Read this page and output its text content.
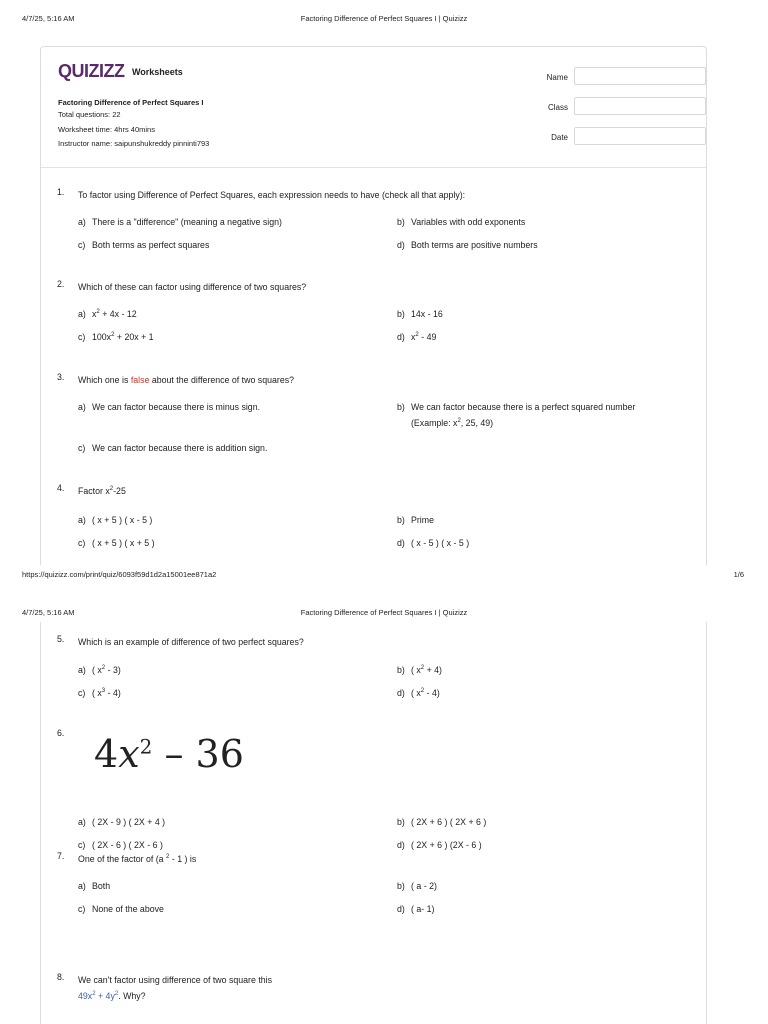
4/7/25, 5:16 AM	Factoring Difference of Perfect Squares I | Quizizz
QUIZIZZ Worksheets
Factoring Difference of Perfect Squares I
Total questions: 22
Worksheet time: 4hrs 40mins
Instructor name: saipunshukreddy pinninti793
Name
Class
Date
1.	To factor using Difference of Perfect Squares, each expression needs to have (check all that apply):
a) There is a "difference" (meaning a negative sign)	b) Variables with odd exponents
c) Both terms as perfect squares	d) Both terms are positive numbers
2.	Which of these can factor using difference of two squares?
a) $x^2 + 4x - 12$	b) 14x - 16
c) $100x^2 + 20x + 1$	d) $x^2 - 49$
3.	Which one is false about the difference of two squares?
a) We can factor because there is minus sign.	b) We can factor because there is a perfect squared number
(Example: $x^2$, 25, 49)
c) We can factor because there is addition sign.
4.	Factor $x^2-25$
a) ( x + 5 ) ( x - 5 )	b) Prime
c) ( x + 5 ) ( x + 5 )	d) ( x - 5 ) ( x - 5 )
https://quizizz.com/print/quiz/6093f59d1d2a15001ee871a2	1/6
4/7/25, 5:16 AM	Factoring Difference of Perfect Squares I | Quizizz
5.	Which is an example of difference of two perfect squares?
a) ( $x^2 - 3$)	b) ( $x^2 + 4$)
c) ( $x^3 - 4$)	d) ( $x^2 - 4$)
6. $4x^2 - 36$
a) ( 2X - 9 ) ( 2X + 4 )	b) ( 2X + 6 ) ( 2X + 6 )
c) ( 2X - 6 ) ( 2X - 6 )	d) ( 2X + 6 ) (2X - 6 )
7.	One of the factor of (a $^2$ - 1 ) is
a) Both	b) ( a - 2)
c) None of the above	d) ( a- 1)
8.	We can't factor using difference of two square this
$49x^2 + 4y^2$. Why?
